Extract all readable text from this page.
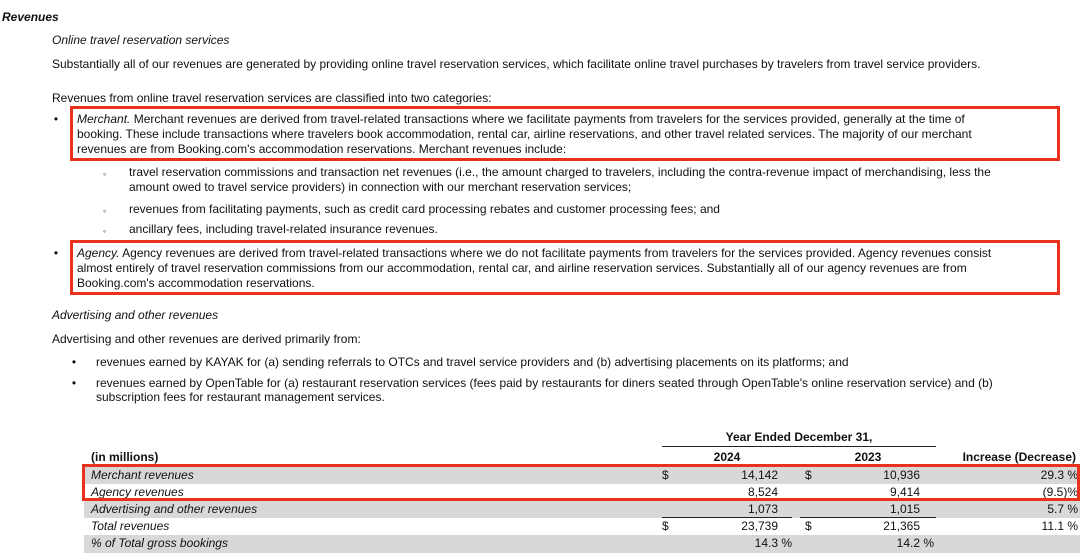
Revenues
Online travel reservation services
Substantially all of our revenues are generated by providing online travel reservation services, which facilitate online travel purchases by travelers from travel service providers.
Revenues from online travel reservation services are classified into two categories:
• Merchant. Merchant revenues are derived from travel-related transactions where we facilitate payments from travelers for the services provided, generally at the time of
booking. These include transactions where travelers book accommodation, rental car, airline reservations, and other travel related services. The majority of our merchant
revenues are from Booking.com's accommodation reservations. Merchant revenues include:
◦ travel reservation commissions and transaction net revenues (i.e., the amount charged to travelers, including the contra-revenue impact of merchandising, less the
amount owed to travel service providers) in connection with our merchant reservation services;
◦ revenues from facilitating payments, such as credit card processing rebates and customer processing fees; and
◦ ancillary fees, including travel-related insurance revenues.
• Agency. Agency revenues are derived from travel-related transactions where we do not facilitate payments from travelers for the services provided. Agency revenues consist
almost entirely of travel reservation commissions from our accommodation, rental car, and airline reservation services. Substantially all of our agency revenues are from
Booking.com's accommodation reservations.
Advertising and other revenues
Advertising and other revenues are derived primarily from:
• revenues earned by KAYAK for (a) sending referrals to OTCs and travel service providers and (b) advertising placements on its platforms; and
• revenues earned by OpenTable for (a) restaurant reservation services (fees paid by restaurants for diners seated through OpenTable's online reservation service) and (b)
subscription fees for restaurant management services.
Year Ended December 31,
(in millions)	2024	2023	Increase (Decrease)
Merchant revenues	$	14,142 $	10,936	29.3 %
Agency revenues	8,524	9,414	(9.5)%
Advertising and other revenues	1,073	1,015	5.7 %
Total revenues	$	23,739 $	21,365	11.1 %
% of Total gross bookings	14.3 %	14.2 %
